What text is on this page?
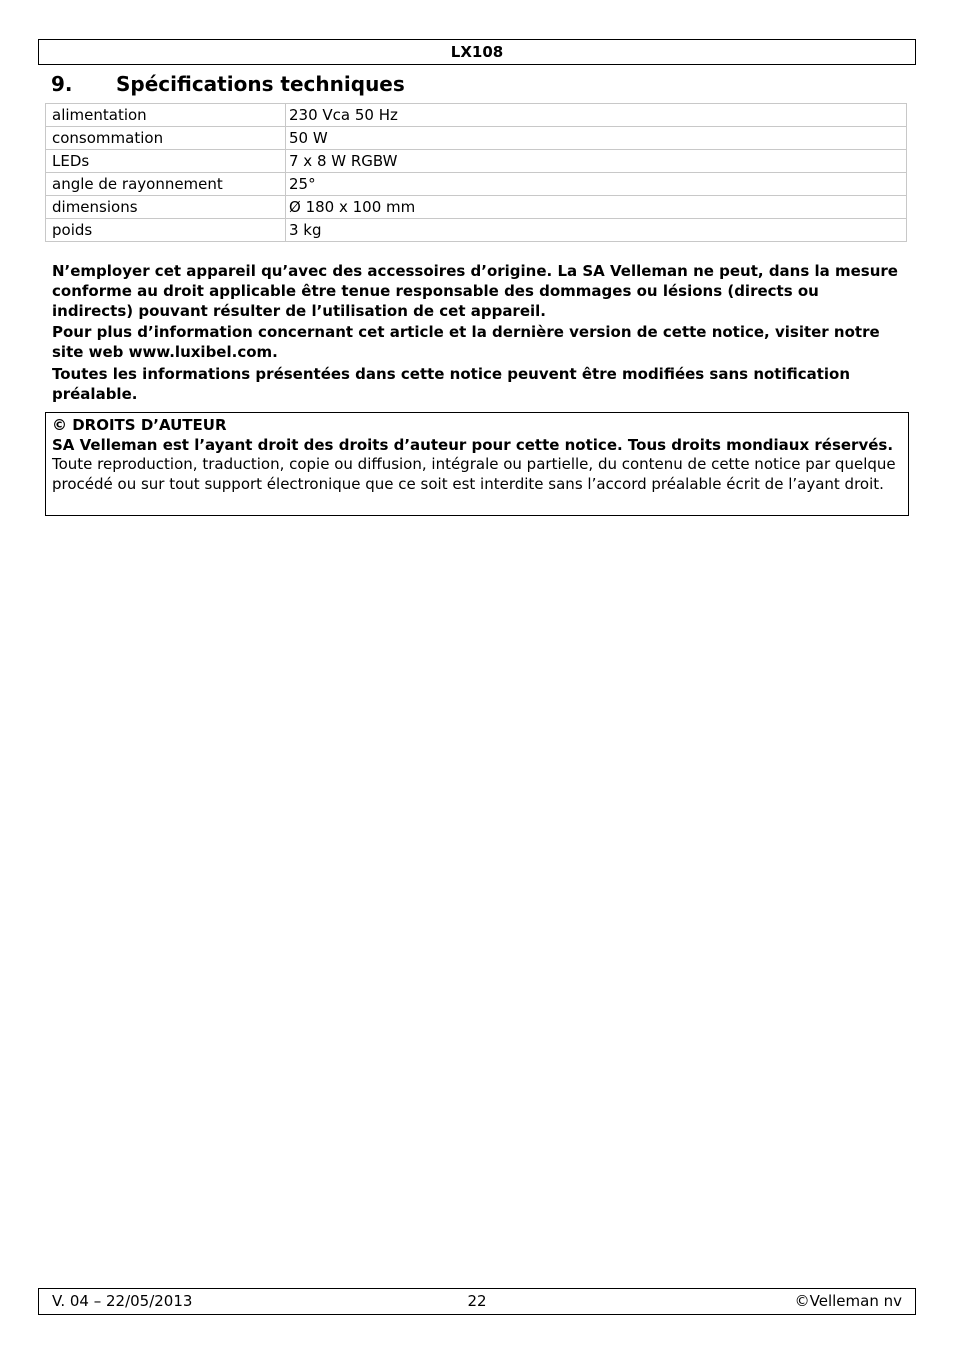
LX108
9. Spécifications techniques
alimentation	230 Vca 50 Hz
consommation	50 W
LEDs	7 x 8 W RGBW
angle de rayonnement	25°
dimensions	Ø 180 x 100 mm
poids	3 kg

N’employer cet appareil qu’avec des accessoires d’origine. La SA Velleman ne peut, dans la mesure conforme au droit applicable être tenue responsable des dommages ou lésions (directs ou indirects) pouvant résulter de l’utilisation de cet appareil.

Pour plus d’information concernant cet article et la dernière version de cette notice, visiter notre site web www.luxibel.com.

Toutes les informations présentées dans cette notice peuvent être modifiées sans notification préalable.

© DROITS D’AUTEUR
SA Velleman est l’ayant droit des droits d’auteur pour cette notice. Tous droits mondiaux réservés. Toute reproduction, traduction, copie ou diffusion, intégrale ou partielle, du contenu de cette notice par quelque procédé ou sur tout support électronique que ce soit est interdite sans l’accord préalable écrit de l’ayant droit.
22
V. 04 – 22/05/2013	©Velleman nv
